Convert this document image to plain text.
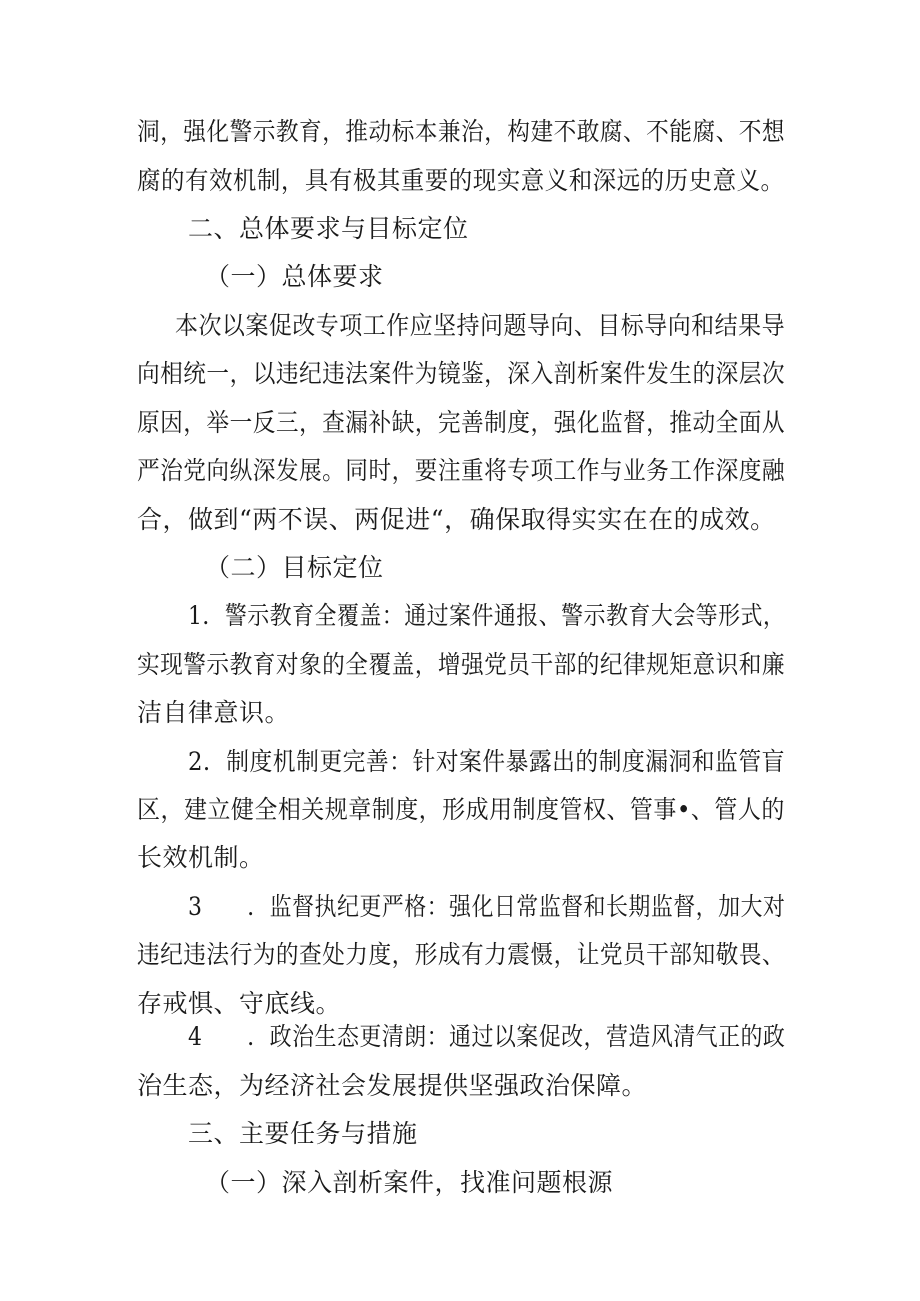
洞，强化警示教育，推动标本兼治，构建不敢腐、不能腐、不想
腐的有效机制，具有极其重要的现实意义和深远的历史意义。
二、总体要求与目标定位
（一）总体要求
本次以案促改专项工作应坚持问题导向、目标导向和结果导
向相统一，以违纪违法案件为镜鉴，深入剖析案件发生的深层次
原因，举一反三，查漏补缺，完善制度，强化监督，推动全面从
严治党向纵深发展。同时，要注重将专项工作与业务工作深度融
合，做到“两不误、两促进“，确保取得实实在在的成效。
（二）目标定位
1．警示教育全覆盖：通过案件通报、警示教育大会等形式，
实现警示教育对象的全覆盖，增强党员干部的纪律规矩意识和廉
洁自律意识。
2．制度机制更完善：针对案件暴露出的制度漏洞和监管盲
区，建立健全相关规章制度，形成用制度管权、管事•、管人的
长效机制。
3　　．监督执纪更严格：强化日常监督和长期监督，加大对
违纪违法行为的查处力度，形成有力震慑，让党员干部知敬畏、
存戒惧、守底线。
4　　．政治生态更清朗：通过以案促改，营造风清气正的政
治生态，为经济社会发展提供坚强政治保障。
三、主要任务与措施
（一）深入剖析案件，找准问题根源
